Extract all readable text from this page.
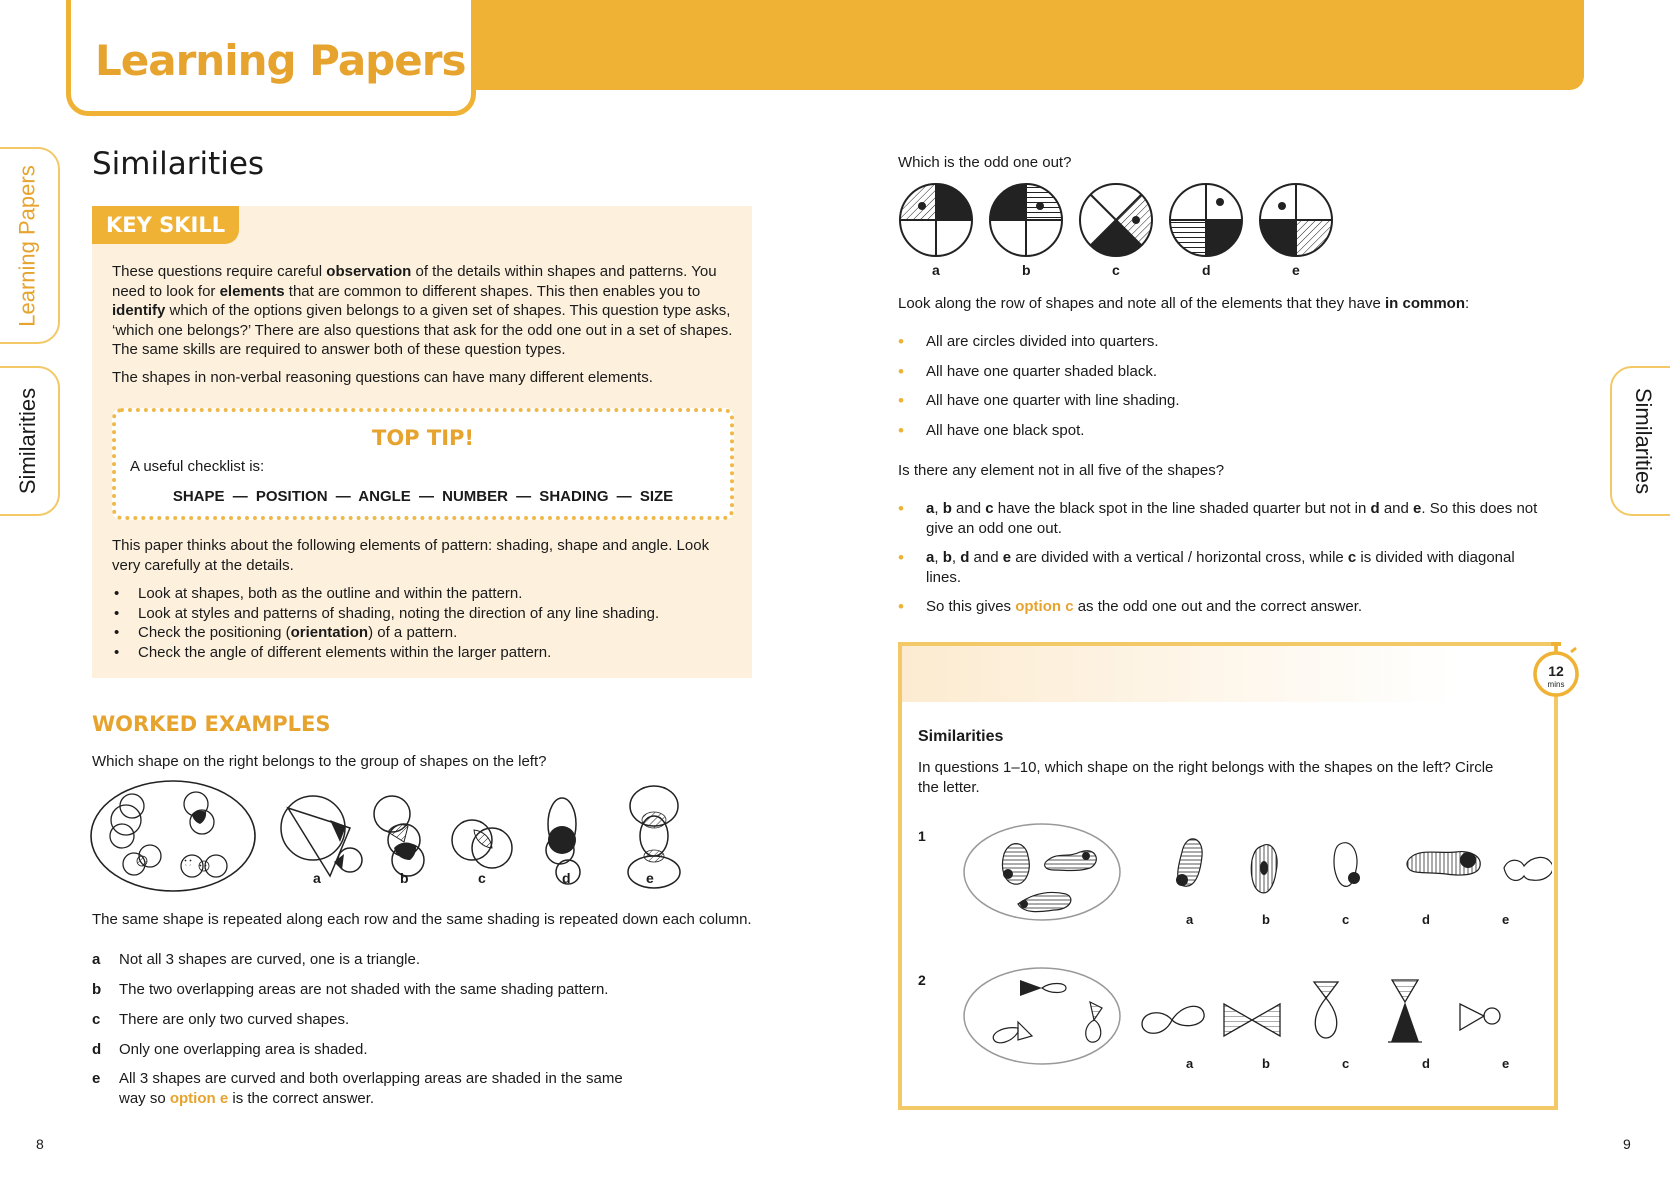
Learning Papers
Learning Papers
Similarities	Similarities
Similarities
KEY SKILL

These questions require careful observation of the details within shapes and patterns. You need to look for elements that are common to different shapes. This then enables you to identify which of the options given belongs to a given set of shapes. This question type asks, ‘which one belongs?’ There are also questions that ask for the odd one out in a set of shapes. The same skills are required to answer both of these question types.

The shapes in non-verbal reasoning questions can have many different elements.

TOP TIP!
A useful checklist is:
SHAPE — POSITION — ANGLE — NUMBER — SHADING — SIZE

This paper thinks about the following elements of pattern: shading, shape and angle. Look very carefully at the details.

• Look at shapes, both as the outline and within the pattern.
• Look at styles and patterns of shading, noting the direction of any line shading.
• Check the positioning (orientation) of a pattern.
• Check the angle of different elements within the larger pattern.
WORKED EXAMPLES
Which shape on the right belongs to the group of shapes on the left?
a	b	c	d	e
The same shape is repeated along each row and the same shading is repeated down each column.
a Not all 3 shapes are curved, one is a triangle.
b The two overlapping areas are not shaded with the same shading pattern.
c There are only two curved shapes.
d Only one overlapping area is shaded.
e All 3 shapes are curved and both overlapping areas are shaded in the same way so option e is the correct answer.
8
Which is the odd one out?
a	b	c	d	e
Look along the row of shapes and note all of the elements that they have in common:
• All are circles divided into quarters.
• All have one quarter shaded black.
• All have one quarter with line shading.
• All have one black spot.
Is there any element not in all five of the shapes?
• a, b and c have the black spot in the line shaded quarter but not in d and e. So this does not give an odd one out.
• a, b, d and e are divided with a vertical / horizontal cross, while c is divided with diagonal lines.
• So this gives option c as the odd one out and the correct answer.
Similarities
In questions 1–10, which shape on the right belongs with the shapes on the left? Circle the letter.
1
2
a	b	c	d	e
a	b	c	d	e
12
mins
9
